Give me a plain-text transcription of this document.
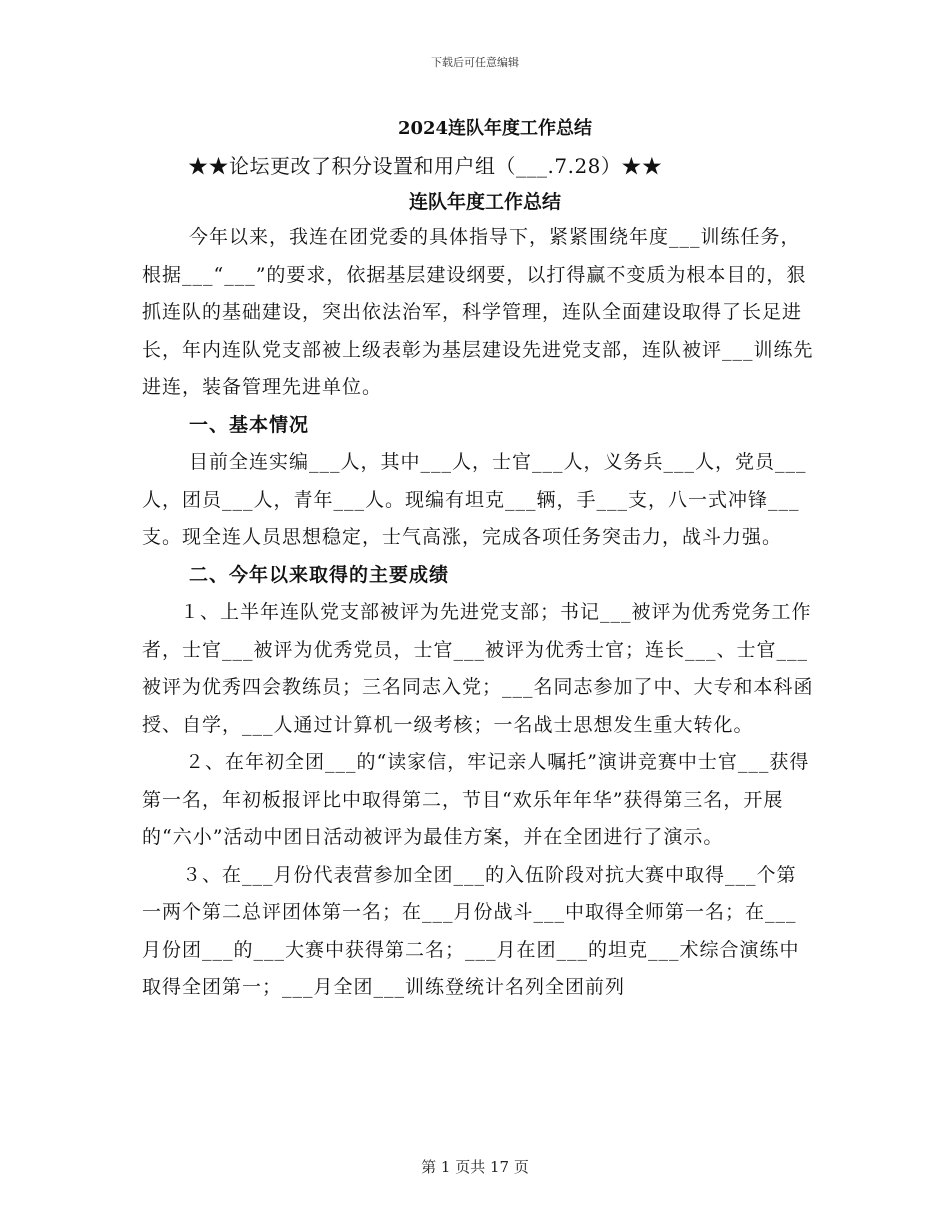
下载后可任意编辑
2024连队年度工作总结
★★论坛更改了积分设置和用户组（___.7.28）★★
连队年度工作总结

今年以来，我连在团党委的具体指导下，紧紧围绕年度___训练任务，根据___“___”的要求，依据基层建设纲要，以打得赢不变质为根本目的，狠抓连队的基础建设，突出依法治军，科学管理，连队全面建设取得了长足进长，年内连队党支部被上级表彰为基层建设先进党支部，连队被评___训练先进连，装备管理先进单位。

一、基本情况

目前全连实编___人，其中___人，士官___人，义务兵___人，党员___人，团员___人，青年___人。现编有坦克___辆，手___支，八一式冲锋___支。现全连人员思想稳定，士气高涨，完成各项任务突击力，战斗力强。

二、今年以来取得的主要成绩

１、上半年连队党支部被评为先进党支部；书记___被评为优秀党务工作者，士官___被评为优秀党员，士官___被评为优秀士官；连长___、士官___被评为优秀四会教练员；三名同志入党；___名同志参加了中、大专和本科函授、自学，___人通过计算机一级考核；一名战士思想发生重大转化。

２、在年初全团___的“读家信，牢记亲人嘱托”演讲竞赛中士官___获得第一名，年初板报评比中取得第二，节目“欢乐年年华”获得第三名，开展的“六小”活动中团日活动被评为最佳方案，并在全团进行了演示。

３、在___月份代表营参加全团___的入伍阶段对抗大赛中取得___个第一两个第二总评团体第一名；在___月份战斗___中取得全师第一名；在___月份团___的___大赛中获得第二名；___月在团___的坦克___术综合演练中取得全团第一；___月全团___训练登统计名列全团前列

第 1 页共 17 页
